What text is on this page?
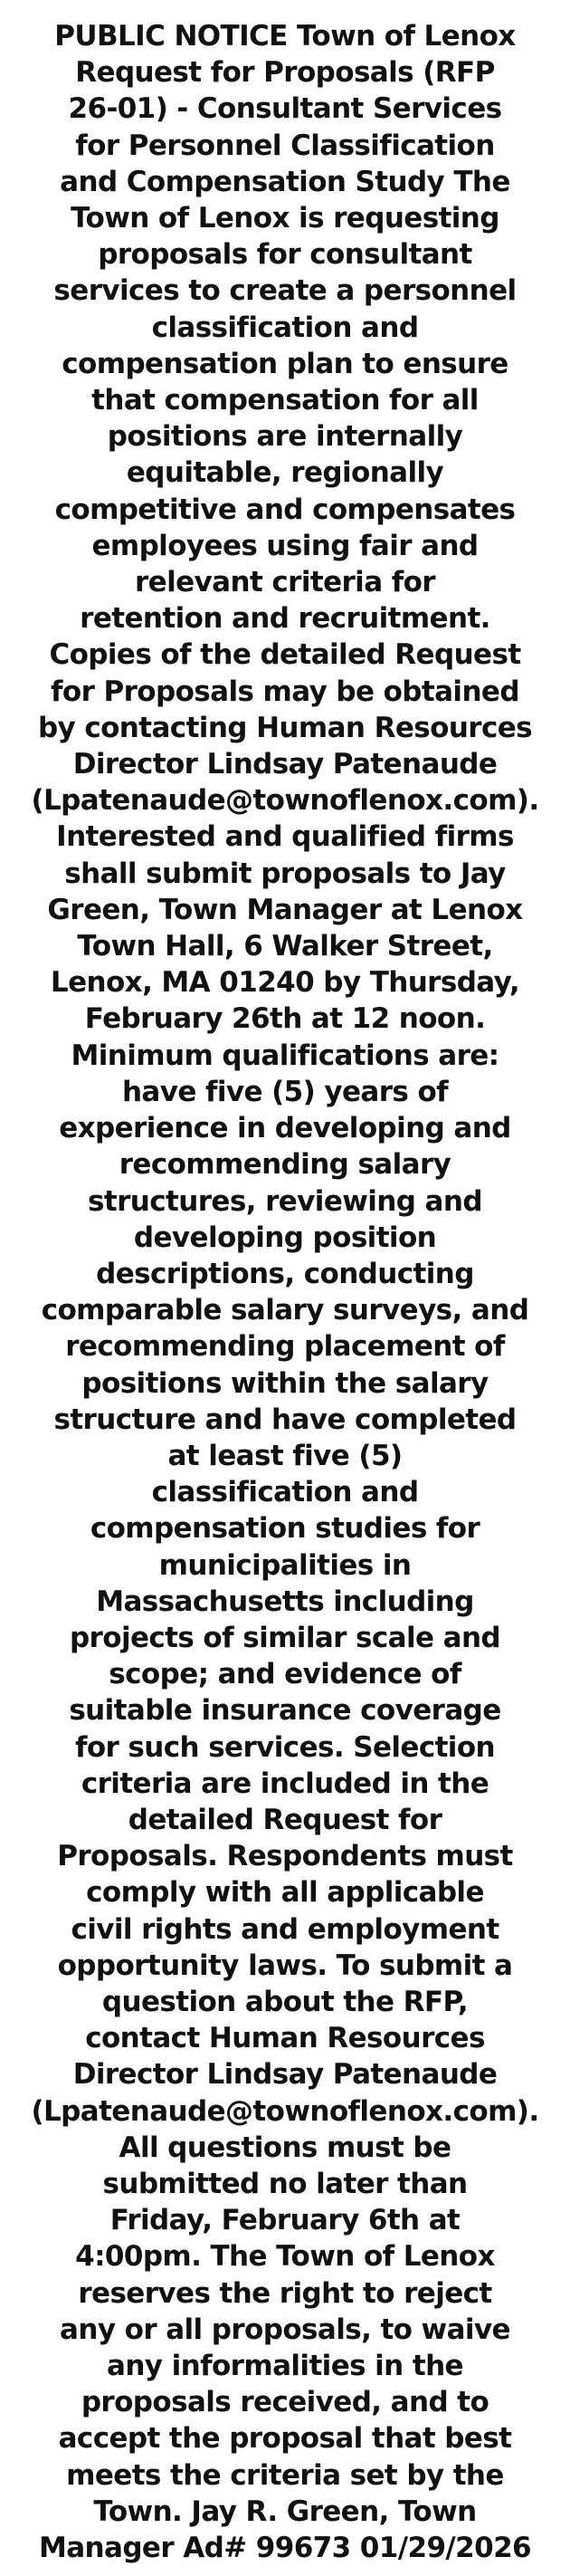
PUBLIC NOTICE Town of Lenox
Request for Proposals (RFP
26-01) - Consultant Services
for Personnel Classification
and Compensation Study The
Town of Lenox is requesting
proposals for consultant
services to create a personnel
classification and
compensation plan to ensure
that compensation for all
positions are internally
equitable, regionally
competitive and compensates
employees using fair and
relevant criteria for
retention and recruitment.
Copies of the detailed Request
for Proposals may be obtained
by contacting Human Resources
Director Lindsay Patenaude
(Lpatenaude@townoflenox.com).
Interested and qualified firms
shall submit proposals to Jay
Green, Town Manager at Lenox
Town Hall, 6 Walker Street,
Lenox, MA 01240 by Thursday,
February 26th at 12 noon.
Minimum qualifications are:
have five (5) years of
experience in developing and
recommending salary
structures, reviewing and
developing position
descriptions, conducting
comparable salary surveys, and
recommending placement of
positions within the salary
structure and have completed
at least five (5)
classification and
compensation studies for
municipalities in
Massachusetts including
projects of similar scale and
scope; and evidence of
suitable insurance coverage
for such services. Selection
criteria are included in the
detailed Request for
Proposals. Respondents must
comply with all applicable
civil rights and employment
opportunity laws. To submit a
question about the RFP,
contact Human Resources
Director Lindsay Patenaude
(Lpatenaude@townoflenox.com).
All questions must be
submitted no later than
Friday, February 6th at
4:00pm. The Town of Lenox
reserves the right to reject
any or all proposals, to waive
any informalities in the
proposals received, and to
accept the proposal that best
meets the criteria set by the
Town. Jay R. Green, Town
Manager Ad# 99673 01/29/2026
